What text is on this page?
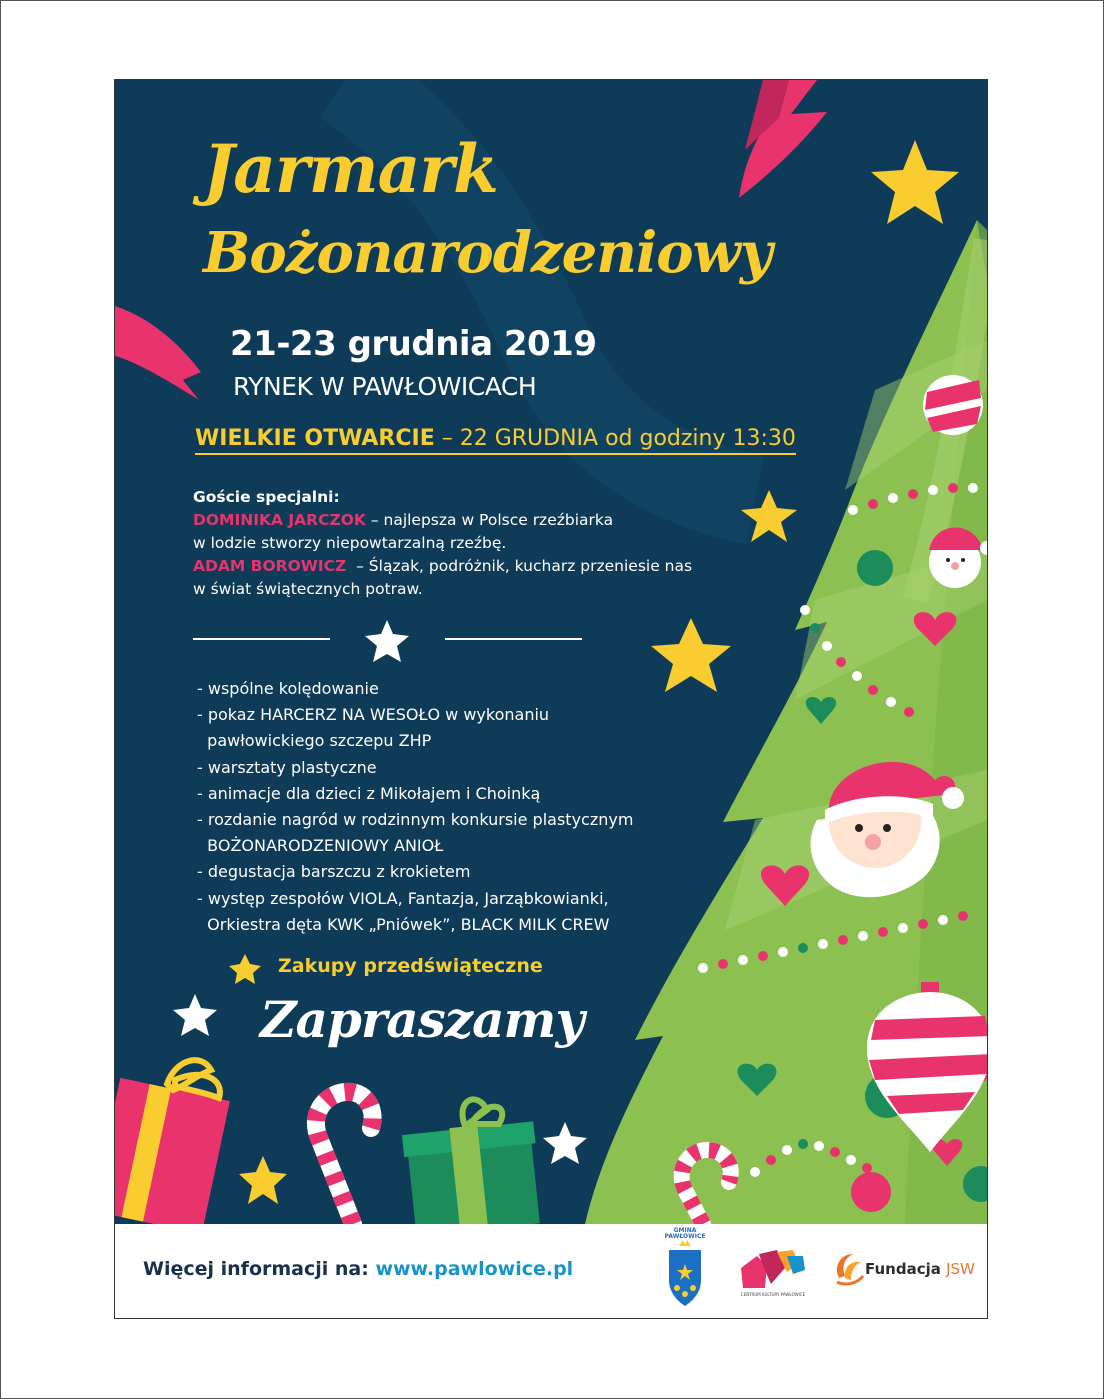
Jarmark
Bożonarodzeniowy
21-23 grudnia 2019
RYNEK W PAWŁOWICACH
WIELKIE OTWARCIE – 22 GRUDNIA od godziny 13:30
Goście specjalni:
DOMINIKA JARCZOK – najlepsza w Polsce rzeźbiarka
w lodzie stworzy niepowtarzalną rzeźbę.
ADAM BOROWICZ  – Ślązak, podróżnik, kucharz przeniesie nas
w świat świątecznych potraw.
- wspólne kolędowanie
- pokaz HARCERZ NA WESOŁO w wykonaniu
pawłowickiego szczepu ZHP
- warsztaty plastyczne
- animacje dla dzieci z Mikołajem i Choinką
- rozdanie nagród w rodzinnym konkursie plastycznym
BOŻONARODZENIOWY ANIOŁ
- degustacja barszczu z krokietem
- występ zespołów VIOLA, Fantazja, Jarząbkowianki,
Orkiestra dęta KWK „Pniówek”, BLACK MILK CREW
Zakupy przedświąteczne
Zapraszamy
Więcej informacji na: www.pawlowice.pl
GMINA
PAWŁOWICE
CENTRUM KULTURY PAWŁOWICE
Fundacja JSW
